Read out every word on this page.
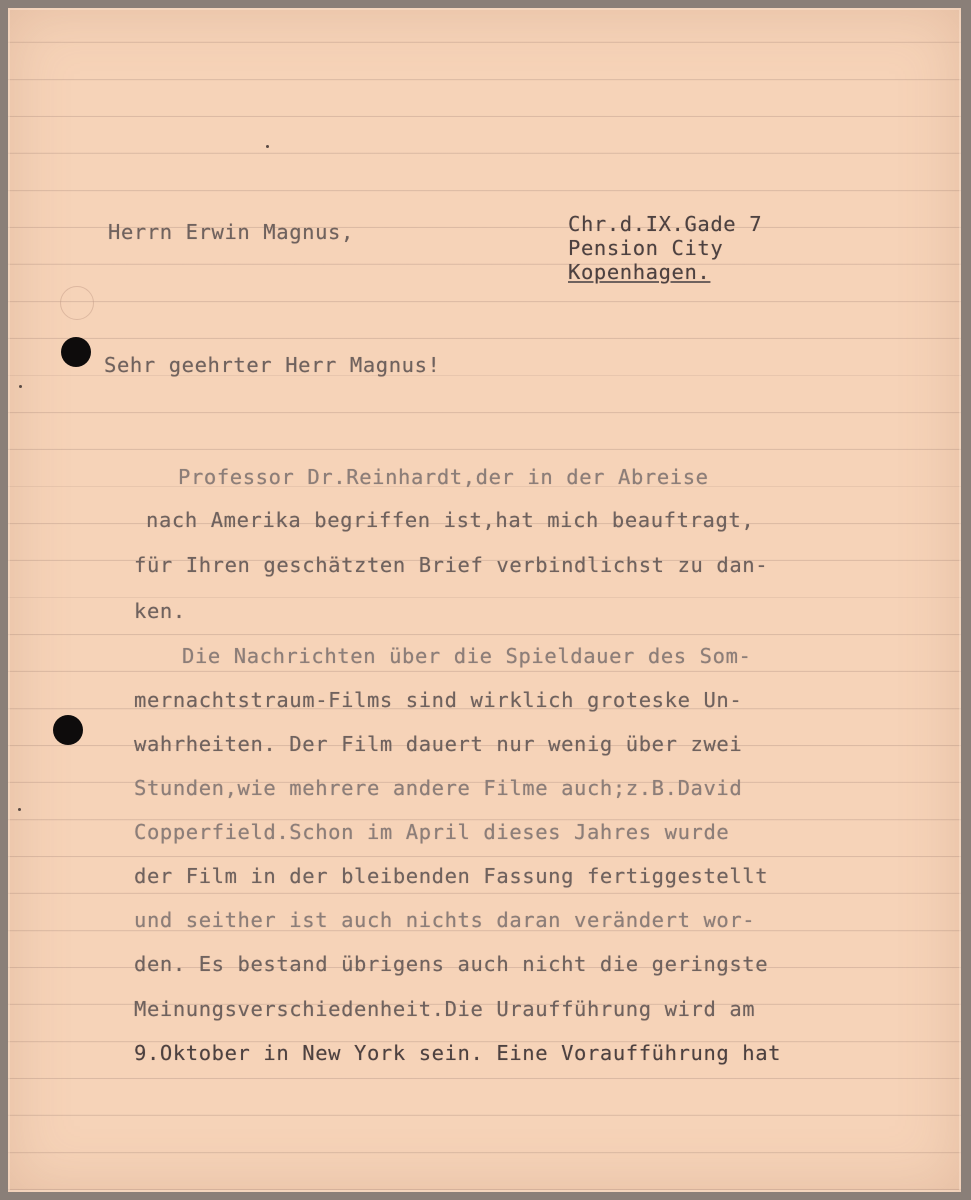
Herrn Erwin Magnus,	Chr.d.IX.Gade 7
Pension City
Kopenhagen.
Sehr geehrter Herr Magnus!
Professor Dr.Reinhardt,der in der Abreise
nach Amerika begriffen ist,hat mich beauftragt,
für Ihren geschätzten Brief verbindlichst zu dan-
ken.
Die Nachrichten über die Spieldauer des Som-
mernachtstraum-Films sind wirklich groteske Un-
wahrheiten. Der Film dauert nur wenig über zwei
Stunden,wie mehrere andere Filme auch;z.B.David
Copperfield.Schon im April dieses Jahres wurde
der Film in der bleibenden Fassung fertiggestellt
und seither ist auch nichts daran verändert wor-
den. Es bestand übrigens auch nicht die geringste
Meinungsverschiedenheit.Die Uraufführung wird am
9.Oktober in New York sein. Eine Voraufführung hat
